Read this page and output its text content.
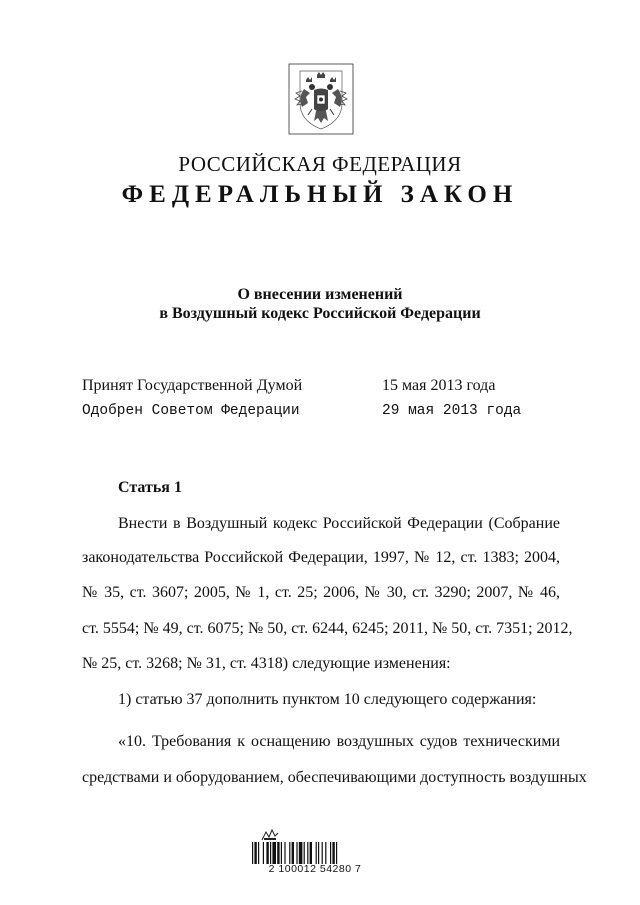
РОССИЙСКАЯ ФЕДЕРАЦИЯ
ФЕДЕРАЛЬНЫЙ ЗАКОН
О внесении изменений
в Воздушный кодекс Российской Федерации
Принят Государственной Думой	15 мая 2013 года
Одобрен Советом Федерации	29 мая 2013 года
Статья 1
Внести в Воздушный кодекс Российской Федерации (Собрание
законодательства Российской Федерации, 1997, № 12, ст. 1383; 2004,
№ 35, ст. 3607; 2005, № 1, ст. 25; 2006, № 30, ст. 3290; 2007, № 46,
ст. 5554; № 49, ст. 6075; № 50, ст. 6244, 6245; 2011, № 50, ст. 7351; 2012,
№ 25, ст. 3268; № 31, ст. 4318) следующие изменения:
1) статью 37 дополнить пунктом 10 следующего содержания:
«10. Требования к оснащению воздушных судов техническими
средствами и оборудованием, обеспечивающими доступность воздушных
2 100012 54280 7
